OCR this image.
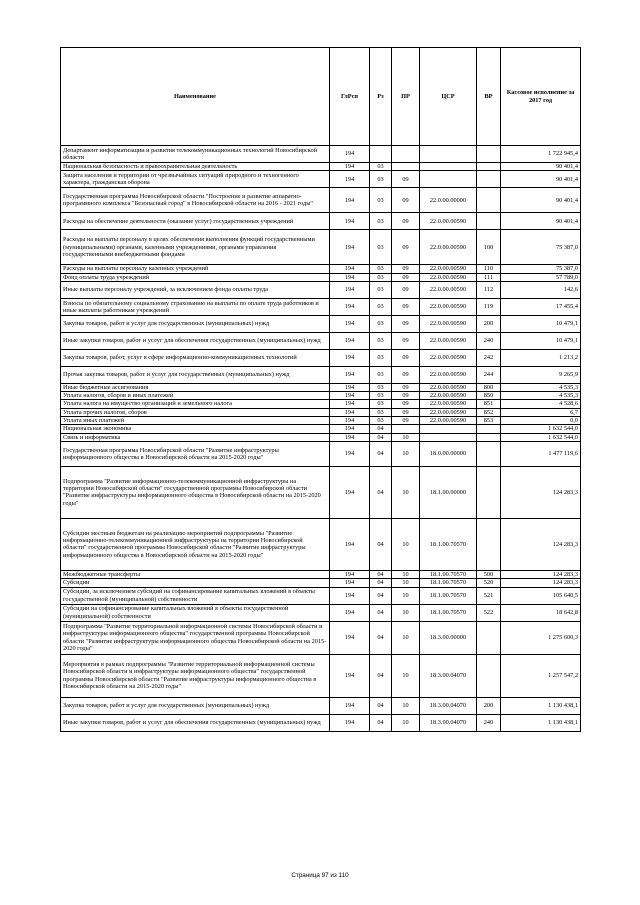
Наименование	ГлРсп	Рз	ПР	ЦСР	ВР	Кассовое исполнение за 2017 год
Департамент информатизации и развития телекоммуникационных технологий Новосибирской области	194					1 722 945,4
Национальная безопасность и правоохранительная деятельность	194	03				90 401,4
Защита населения и территории от чрезвычайных ситуаций природного и техногенного характера, гражданская оборона	194	03	09			90 401,4
Государственная программа Новосибирской области "Построение и развитие аппаратно-программного комплекса "Безопасный город" в Новосибирской области на 2016 - 2021 годы"	194	03	09	22.0.00.00000		90 401,4
Расходы на обеспечение деятельности (оказание услуг) государственных учреждений	194	03	09	22.0.00.00590		90 401,4
Расходы на выплаты персоналу в целях обеспечения выполнения функций государственными (муниципальными) органами, казенными учреждениями, органами управления государственными внебюджетными фондами	194	03	09	22.0.00.00590	100	75 387,0
Расходы на выплаты персоналу казенных учреждений	194	03	09	22.0.00.00590	110	75 387,0
Фонд оплаты труда учреждений	194	03	09	22.0.00.00590	111	57 789,0
Иные выплаты персоналу учреждений, за исключением фонда оплаты труда	194	03	09	22.0.00.00590	112	142,6
Взносы по обязательному социальному страхованию на выплаты по оплате труда работников и иные выплаты работникам учреждений	194	03	09	22.0.00.00590	119	17 455,4
Закупка товаров, работ и услуг для государственных (муниципальных) нужд	194	03	09	22.0.00.00590	200	10 479,1
Иные закупки товаров, работ и услуг для обеспечения государственных (муниципальных) нужд	194	03	09	22.0.00.00590	240	10 479,1
Закупка товаров, работ, услуг в сфере информационно-коммуникационных технологий	194	03	09	22.0.00.00590	242	1 213,2
Прочая закупка товаров, работ и услуг для государственных (муниципальных) нужд	194	03	09	22.0.00.00590	244	9 265,9
Иные бюджетные ассигнования	194	03	09	22.0.00.00590	800	4 535,3
Уплата налогов, сборов и иных платежей	194	03	09	22.0.00.00590	850	4 535,3
Уплата налога на имущество организаций и земельного налога	194	03	09	22.0.00.00590	851	4 528,6
Уплата прочих налогов, сборов	194	03	09	22.0.00.00590	852	6,7
Уплата иных платежей	194	03	09	22.0.00.00590	853	0,0
Национальная экономика	194	04				1 632 544,0
Связь и информатика	194	04	10			1 632 544,0
Государственная программа Новосибирской области "Развитие инфраструктуры информационного общества в Новосибирской области на 2015-2020 годы"	194	04	10	18.0.00.00000		1 477 119,6
Подпрограмма "Развитие информационно-телекоммуникационной инфраструктуры на территории Новосибирской области" государственной программы Новосибирской области "Развитие инфраструктуры информационного общества в Новосибирской области на 2015-2020 годы"	194	04	10	18.1.00.00000		124 283,3
Субсидии местным бюджетам на реализацию мероприятий подпрограммы "Развитие информационно-телекоммуникационной инфраструктуры на территории Новосибирской области" государственной программы Новосибирской области "Развитие инфраструктуры информационного общества в Новосибирской области на 2015-2020 годы"	194	04	10	18.1.00.70570		124 283,3
Межбюджетные трансферты	194	04	10	18.1.00.70570	500	124 283,3
Субсидии	194	04	10	18.1.00.70570	520	124 283,3
Субсидии, за исключением субсидий на софинансирование капитальных вложений в объекты государственной (муниципальной) собственности	194	04	10	18.1.00.70570	521	105 640,5
Субсидии на софинансирование капитальных вложений в объекты государственной (муниципальной) собственности	194	04	10	18.1.00.70570	522	18 642,8
Подпрограмма "Развитие территориальной информационной системы Новосибирской области и инфраструктуры информационного общества" государственной программы Новосибирской области "Развитие инфраструктуры информационного общества Новосибирской области на 2015-2020 годы"	194	04	10	18.3.00.00000		1 275 600,3
Мероприятия в рамках подпрограммы "Развитие территориальной информационной системы Новосибирской области и инфраструктуры информационного общества" государственной программы Новосибирской области "Развитие инфраструктуры информационного общества в Новосибирской области на 2015-2020 годы"	194	04	10	18.3.00.04070		1 257 547,2
Закупка товаров, работ и услуг для государственных (муниципальных) нужд	194	04	10	18.3.00.04070	200	1 130 438,1
Иные закупки товаров, работ и услуг для обеспечения государственных (муниципальных) нужд	194	04	10	18.3.00.04070	240	1 130 438,1
Страница 97 из 110
